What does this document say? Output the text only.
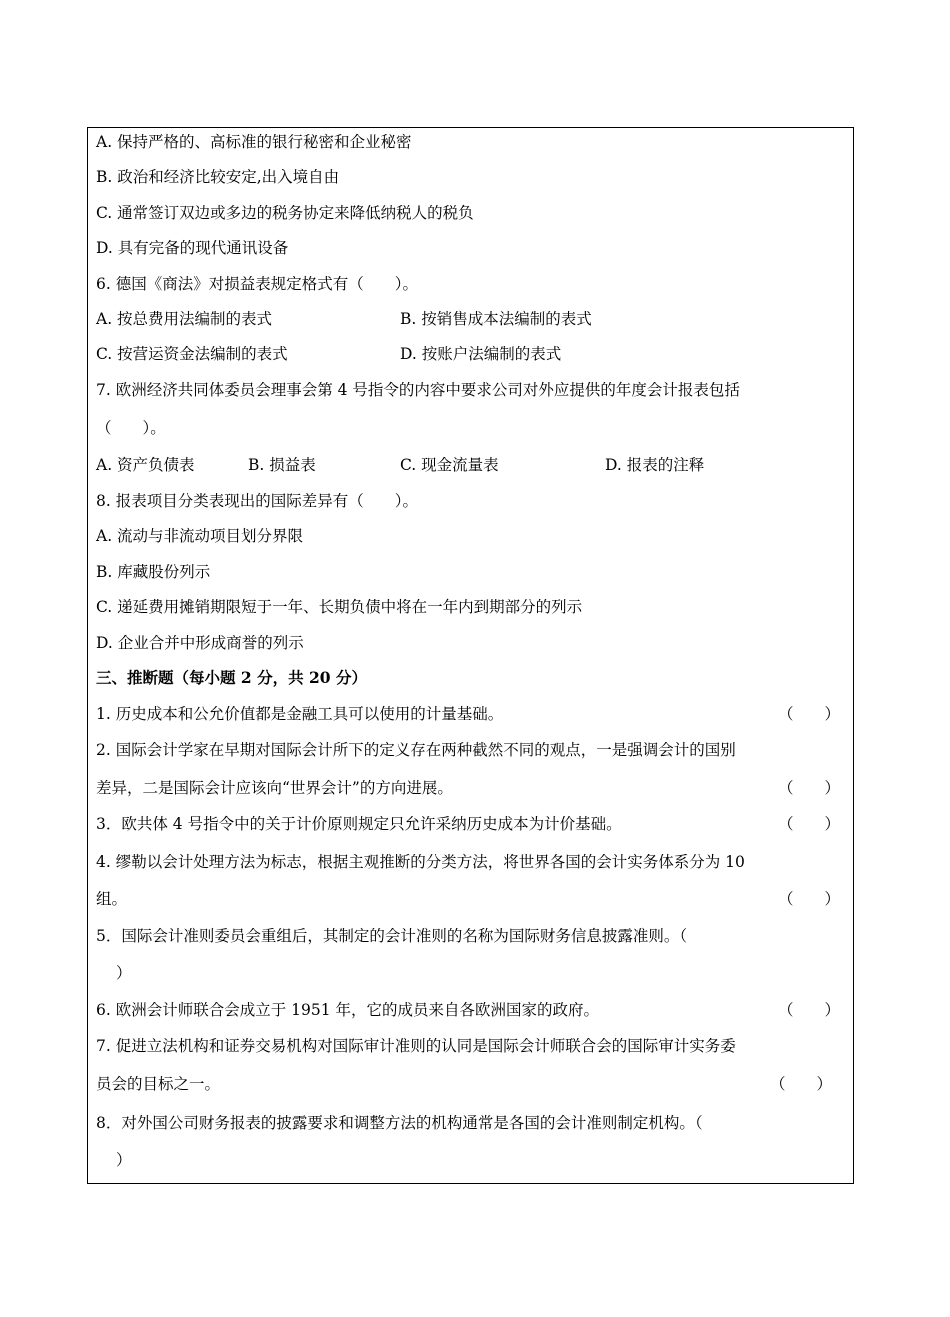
A. 保持严格的、高标准的银行秘密和企业秘密
B. 政治和经济比较安定,出入境自由
C. 通常签订双边或多边的税务协定来降低纳税人的税负
D. 具有完备的现代通讯设备
6. 德国《商法》对损益表规定格式有（　　）。
A. 按总费用法编制的表式	B. 按销售成本法编制的表式
C. 按营运资金法编制的表式	D. 按账户法编制的表式
7. 欧洲经济共同体委员会理事会第 4 号指令的内容中要求公司对外应提供的年度会计报表包括
（　　）。
A. 资产负债表	B. 损益表	C. 现金流量表	D. 报表的注释
8. 报表项目分类表现出的国际差异有（　　）。
A. 流动与非流动项目划分界限
B. 库藏股份列示
C. 递延费用摊销期限短于一年、长期负债中将在一年内到期部分的列示
D. 企业合并中形成商誉的列示
三、推断题（每小题 2 分，共 20 分）
1. 历史成本和公允价值都是金融工具可以使用的计量基础。	（　　）
2. 国际会计学家在早期对国际会计所下的定义存在两种截然不同的观点，一是强调会计的国别
差异，二是国际会计应该向“世界会计”的方向进展。	（　　）
3．欧共体 4 号指令中的关于计价原则规定只允许采纳历史成本为计价基础。	（　　）
4. 缪勒以会计处理方法为标志，根据主观推断的分类方法，将世界各国的会计实务体系分为 10
组。	（　　）
5．国际会计准则委员会重组后，其制定的会计准则的名称为国际财务信息披露准则。（
）
6. 欧洲会计师联合会成立于 1951 年，它的成员来自各欧洲国家的政府。	（　　）
7. 促进立法机构和证券交易机构对国际审计准则的认同是国际会计师联合会的国际审计实务委
员会的目标之一。	（　　）
8．对外国公司财务报表的披露要求和调整方法的机构通常是各国的会计准则制定机构。（
）
